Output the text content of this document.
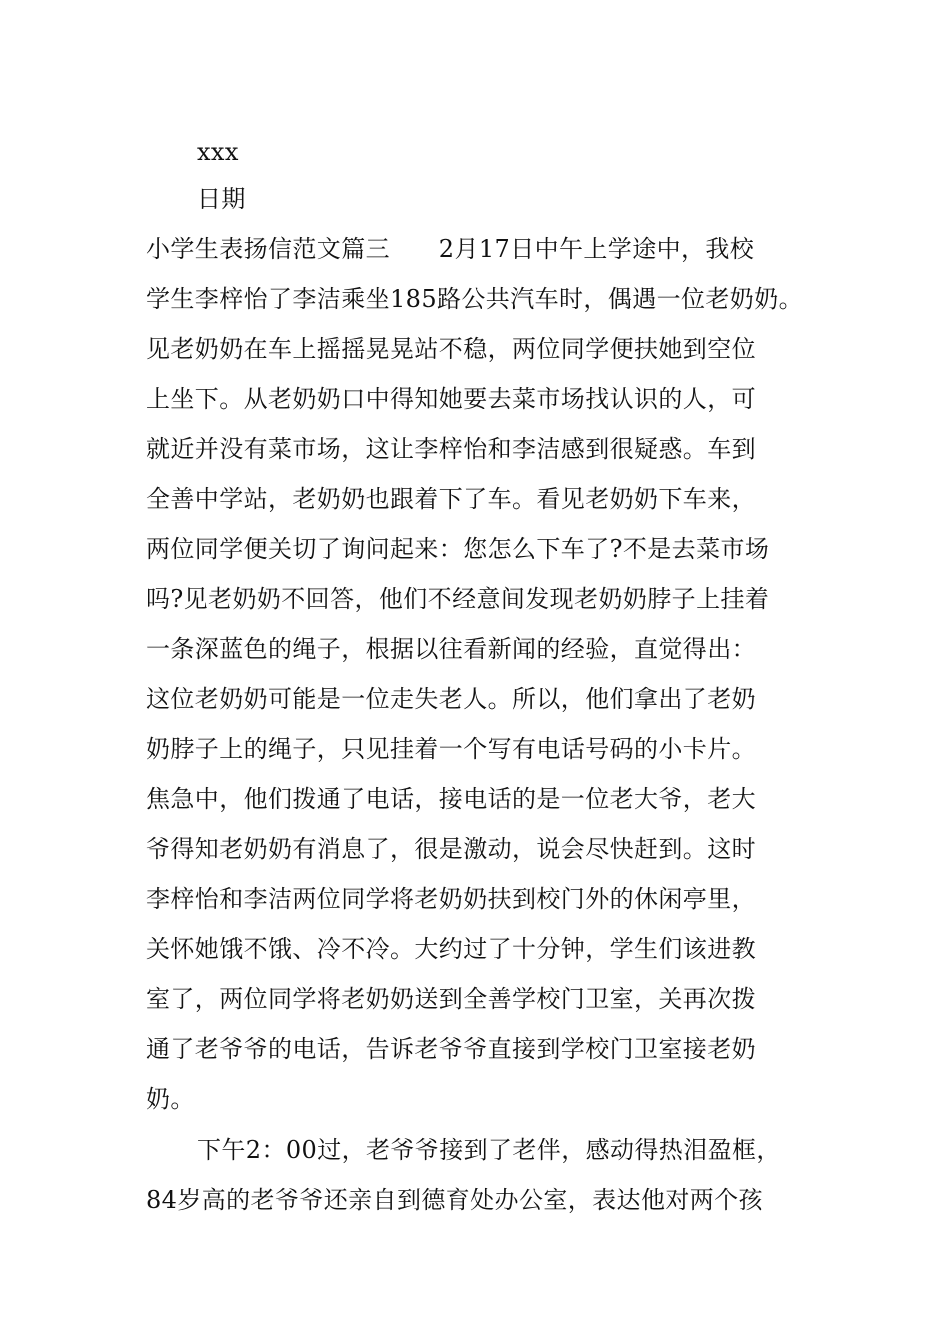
xxx
日期
小学生表扬信范文篇三　　2月17日中午上学途中，我校
学生李梓怡了李洁乘坐185路公共汽车时，偶遇一位老奶奶。
见老奶奶在车上摇摇晃晃站不稳，两位同学便扶她到空位
上坐下。从老奶奶口中得知她要去菜市场找认识的人，可
就近并没有菜市场，这让李梓怡和李洁感到很疑惑。车到
全善中学站，老奶奶也跟着下了车。看见老奶奶下车来，
两位同学便关切了询问起来：您怎么下车了?不是去菜市场
吗?见老奶奶不回答，他们不经意间发现老奶奶脖子上挂着
一条深蓝色的绳子，根据以往看新闻的经验，直觉得出：
这位老奶奶可能是一位走失老人。所以，他们拿出了老奶
奶脖子上的绳子，只见挂着一个写有电话号码的小卡片。
焦急中，他们拨通了电话，接电话的是一位老大爷，老大
爷得知老奶奶有消息了，很是激动，说会尽快赶到。这时
李梓怡和李洁两位同学将老奶奶扶到校门外的休闲亭里，
关怀她饿不饿、冷不冷。大约过了十分钟，学生们该进教
室了，两位同学将老奶奶送到全善学校门卫室，关再次拨
通了老爷爷的电话，告诉老爷爷直接到学校门卫室接老奶
奶。
下午2：00过，老爷爷接到了老伴，感动得热泪盈框，
84岁高的老爷爷还亲自到德育处办公室，表达他对两个孩
